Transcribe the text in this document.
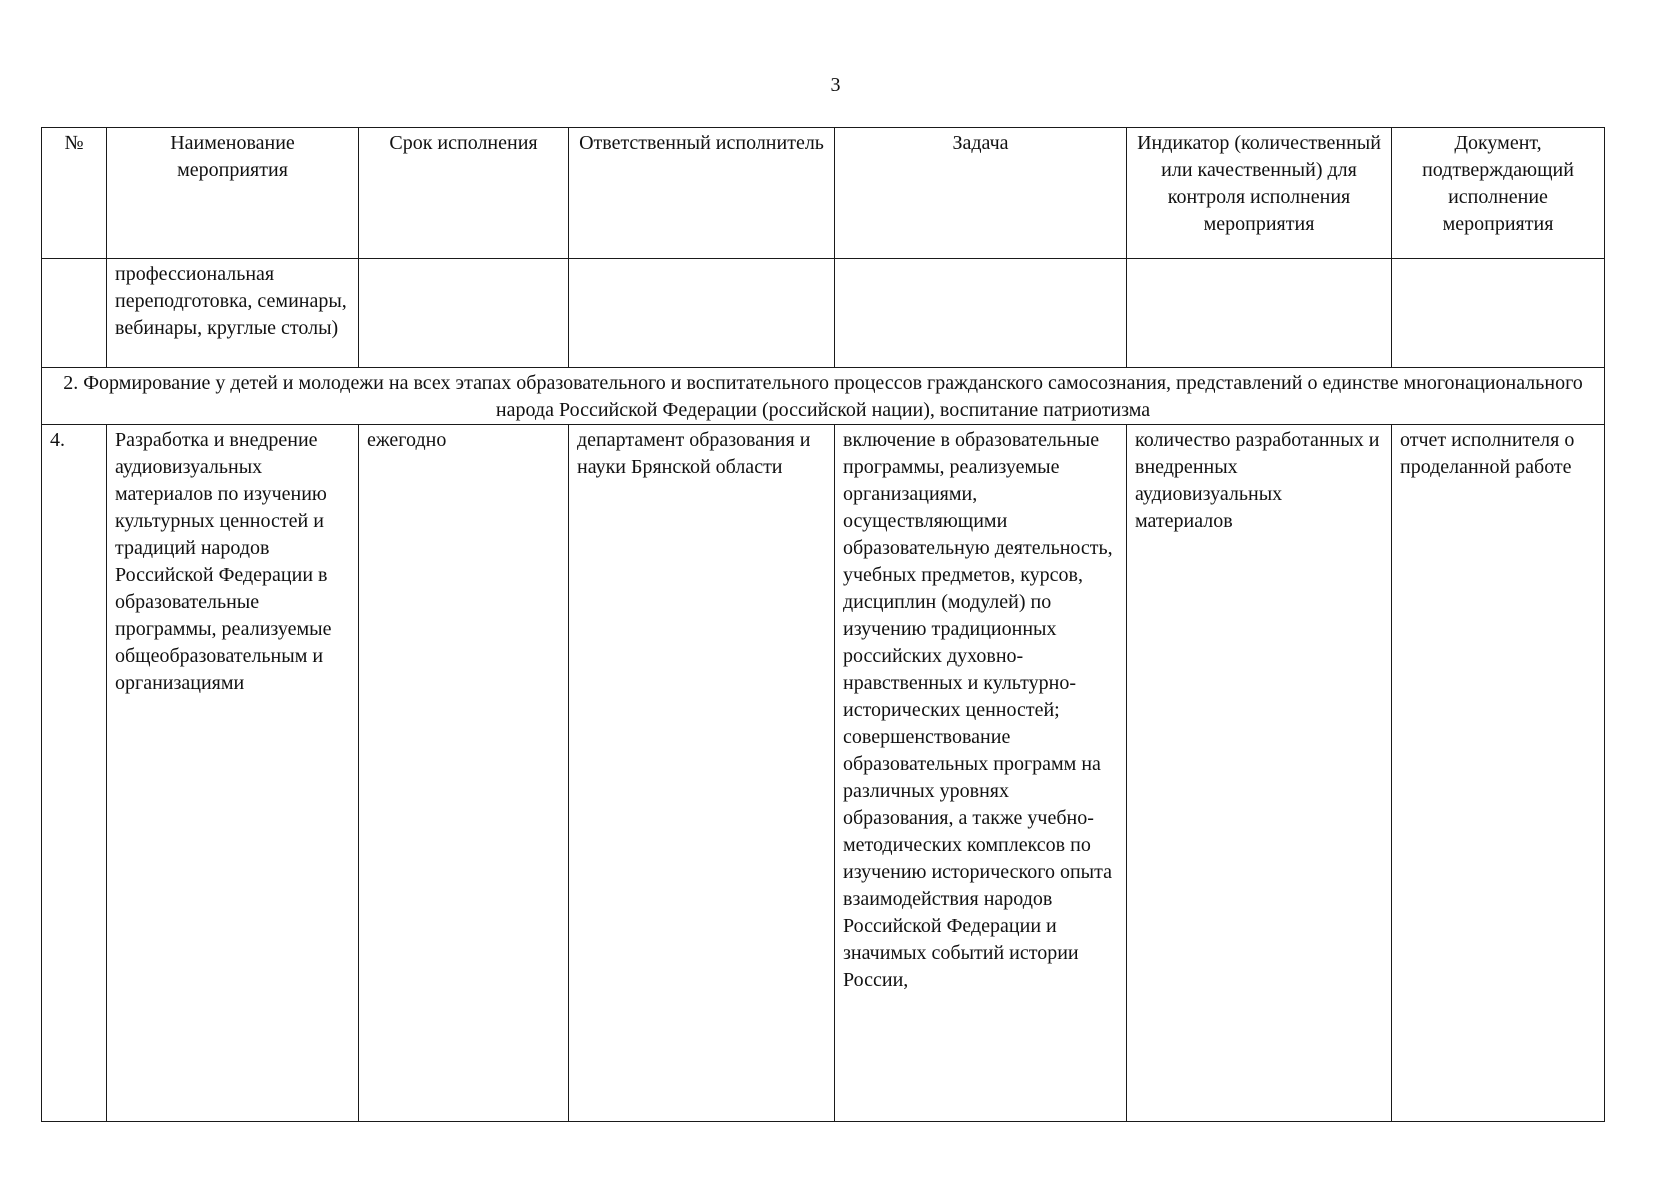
3
№	Наименование мероприятия	Срок исполнения	Ответственный исполнитель	Задача	Индикатор (количественный или качественный) для контроля исполнения мероприятия	Документ, подтверждающий исполнение мероприятия
	профессиональная переподготовка, семинары, вебинары, круглые столы)					
2. Формирование у детей и молодежи на всех этапах образовательного и воспитательного процессов гражданского самосознания, представлений о единстве многонационального народа Российской Федерации (российской нации), воспитание патриотизма						
4.	Разработка и внедрение аудиовизуальных материалов по изучению культурных ценностей и традиций народов Российской Федерации в образовательные программы, реализуемые общеобразовательным и организациями	ежегодно	департамент образования и науки Брянской области	включение в образовательные программы, реализуемые организациями, осуществляющими образовательную деятельность, учебных предметов, курсов, дисциплин (модулей) по изучению традиционных российских духовно-нравственных и культурно-исторических ценностей; совершенствование образовательных программ на различных уровнях образования, а также учебно-методических комплексов по изучению исторического опыта взаимодействия народов Российской Федерации и значимых событий истории России,	количество разработанных и внедренных аудиовизуальных материалов	отчет исполнителя о проделанной работе
